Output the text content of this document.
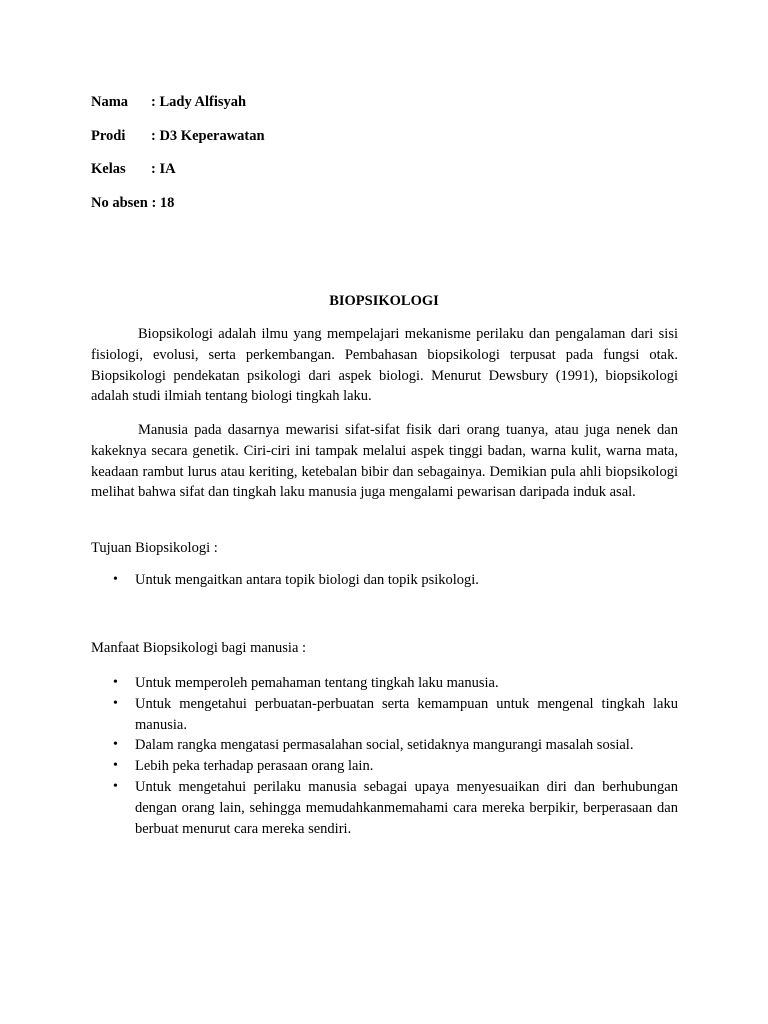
Nama : Lady Alfisyah
Prodi : D3 Keperawatan
Kelas : IA
No absen : 18
BIOPSIKOLOGI

Biopsikologi adalah ilmu yang mempelajari mekanisme perilaku dan pengalaman dari sisi fisiologi, evolusi, serta perkembangan. Pembahasan biopsikologi terpusat pada fungsi otak. Biopsikologi pendekatan psikologi dari aspek biologi. Menurut Dewsbury (1991), biopsikologi adalah studi ilmiah tentang biologi tingkah laku.

Manusia pada dasarnya mewarisi sifat-sifat fisik dari orang tuanya, atau juga nenek dan kakeknya secara genetik. Ciri-ciri ini tampak melalui aspek tinggi badan, warna kulit, warna mata, keadaan rambut lurus atau keriting, ketebalan bibir dan sebagainya. Demikian pula ahli biopsikologi melihat bahwa sifat dan tingkah laku manusia juga mengalami pewarisan daripada induk asal.

Tujuan Biopsikologi :

• Untuk mengaitkan antara topik biologi dan topik psikologi.

Manfaat Biopsikologi bagi manusia :

• Untuk memperoleh pemahaman tentang tingkah laku manusia.
• Untuk mengetahui perbuatan-perbuatan serta kemampuan untuk mengenal tingkah laku manusia.
• Dalam rangka mengatasi permasalahan social, setidaknya mangurangi masalah sosial.
• Lebih peka terhadap perasaan orang lain.
• Untuk mengetahui perilaku manusia sebagai upaya menyesuaikan diri dan berhubungan dengan orang lain, sehingga memudahkanmemahami cara mereka berpikir, berperasaan dan berbuat menurut cara mereka sendiri.
